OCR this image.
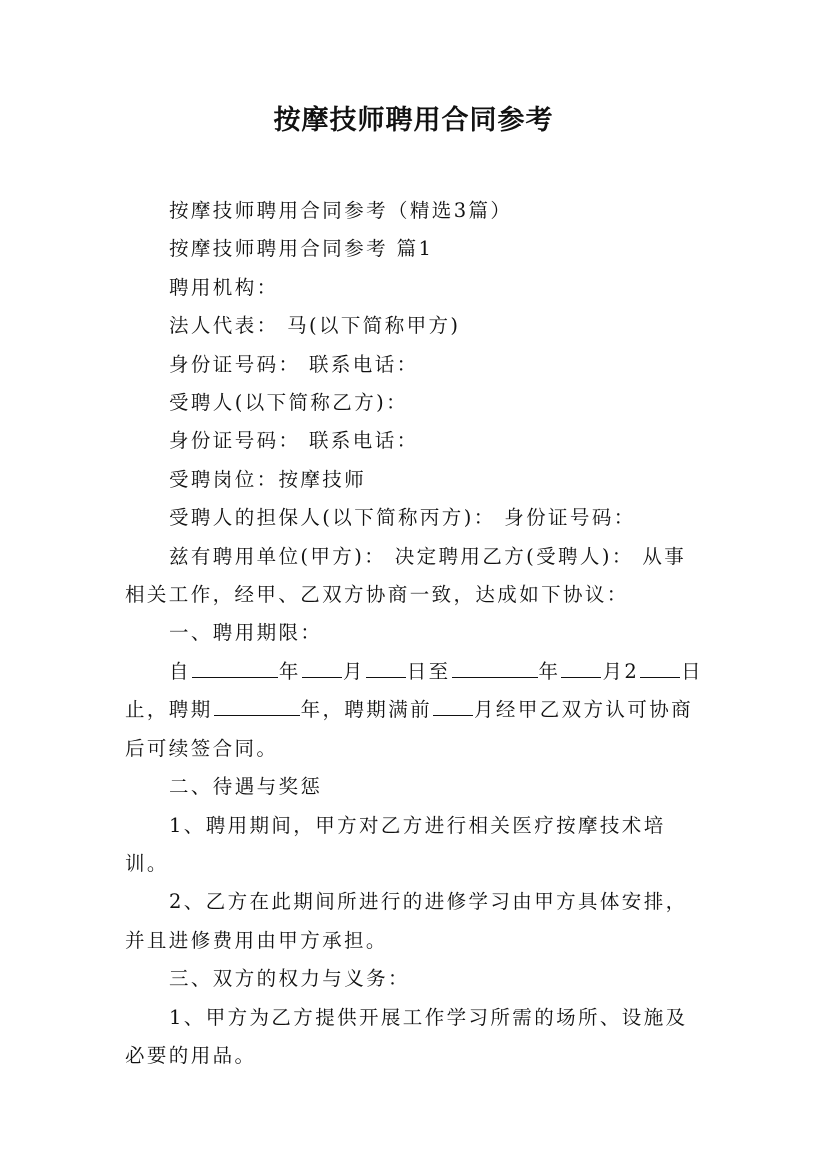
按摩技师聘用合同参考

按摩技师聘用合同参考（精选3篇）

按摩技师聘用合同参考 篇1

聘用机构：

法人代表： 马(以下简称甲方)

身份证号码： 联系电话：

受聘人(以下简称乙方)：

身份证号码： 联系电话：

受聘岗位：按摩技师

受聘人的担保人(以下简称丙方)： 身份证号码：

兹有聘用单位(甲方)： 决定聘用乙方(受聘人)： 从事相关工作，经甲、乙双方协商一致，达成如下协议：

一、聘用期限：

自	年 月 日至	年 月2 日止，聘期	年，聘期满前 月经甲乙双方认可协商后可续签合同。

二、待遇与奖惩

1、聘用期间，甲方对乙方进行相关医疗按摩技术培训。

2、乙方在此期间所进行的进修学习由甲方具体安排，并且进修费用由甲方承担。

三、双方的权力与义务：

1、甲方为乙方提供开展工作学习所需的场所、设施及必要的用品。
